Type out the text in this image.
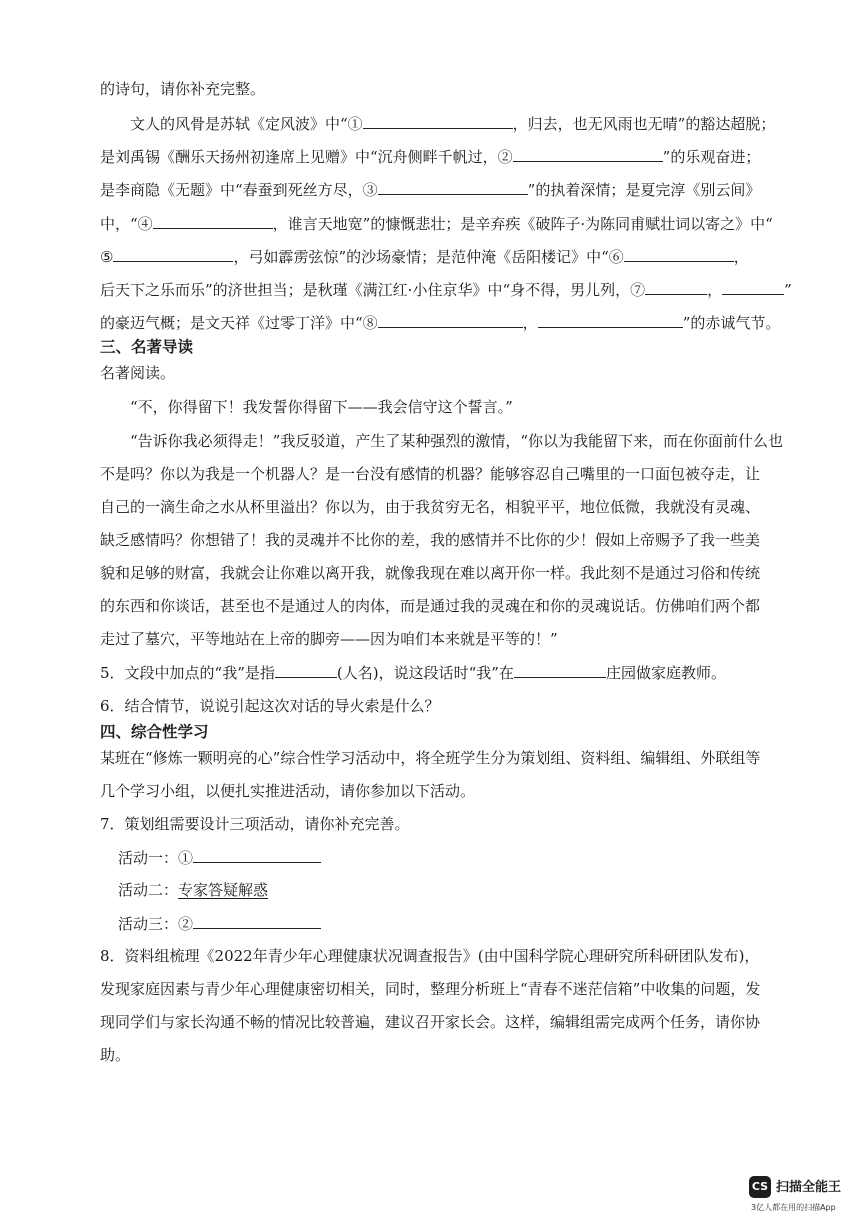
的诗句，请你补充完整。
文人的风骨是苏轼《定风波》中“①	，归去，也无风雨也无晴”的豁达超脱；
是刘禹锡《酬乐天扬州初逢席上见赠》中“沉舟侧畔千帆过，②	”的乐观奋进；
是李商隐《无题》中“春蚕到死丝方尽，③	”的执着深情；是夏完淳《别云间》
中，“④	，谁言天地宽”的慷慨悲壮；是辛弃疾《破阵子·为陈同甫赋壮词以寄之》中“
⑤	，弓如霹雳弦惊”的沙场豪情；是范仲淹《岳阳楼记》中“⑥	，
后天下之乐而乐”的济世担当；是秋瑾《满江红·小住京华》中“身不得，男儿列，⑦	，	”
的豪迈气概；是文天祥《过零丁洋》中“⑧	，	”的赤诚气节。
三、名著导读
名著阅读。
“不，你得留下！我发誓你得留下——我会信守这个誓言。”
“告诉你我必须得走！”我反驳道，产生了某种强烈的激情，“你以为我能留下来，而在你面前什么也
不是吗？你以为我是一个机器人？是一台没有感情的机器？能够容忍自己嘴里的一口面包被夺走，让
自己的一滴生命之水从杯里溢出？你以为，由于我贫穷无名，相貌平平，地位低微，我就没有灵魂、
缺乏感情吗？你想错了！我的灵魂并不比你的差，我的感情并不比你的少！假如上帝赐予了我一些美
貌和足够的财富，我就会让你难以离开我，就像我现在难以离开你一样。我此刻不是通过习俗和传统
的东西和你谈话，甚至也不是通过人的肉体，而是通过我的灵魂在和你的灵魂说话。仿佛咱们两个都
走过了墓穴，平等地站在上帝的脚旁——因为咱们本来就是平等的！”
5．文段中加点的“我”是指	(人名)，说这段话时“我”在	庄园做家庭教师。
6．结合情节，说说引起这次对话的导火索是什么？
四、综合性学习
某班在“修炼一颗明亮的心”综合性学习活动中，将全班学生分为策划组、资料组、编辑组、外联组等
几个学习小组，以便扎实推进活动，请你参加以下活动。
7．策划组需要设计三项活动，请你补充完善。
活动一：①
活动二：专家答疑解惑
活动三：②
8．资料组梳理《2022年青少年心理健康状况调查报告》(由中国科学院心理研究所科研团队发布)，
发现家庭因素与青少年心理健康密切相关，同时，整理分析班上“青春不迷茫信箱”中收集的问题，发
现同学们与家长沟通不畅的情况比较普遍，建议召开家长会。这样，编辑组需完成两个任务，请你协
助。
CS 扫描全能王
3亿人都在用的扫描App
